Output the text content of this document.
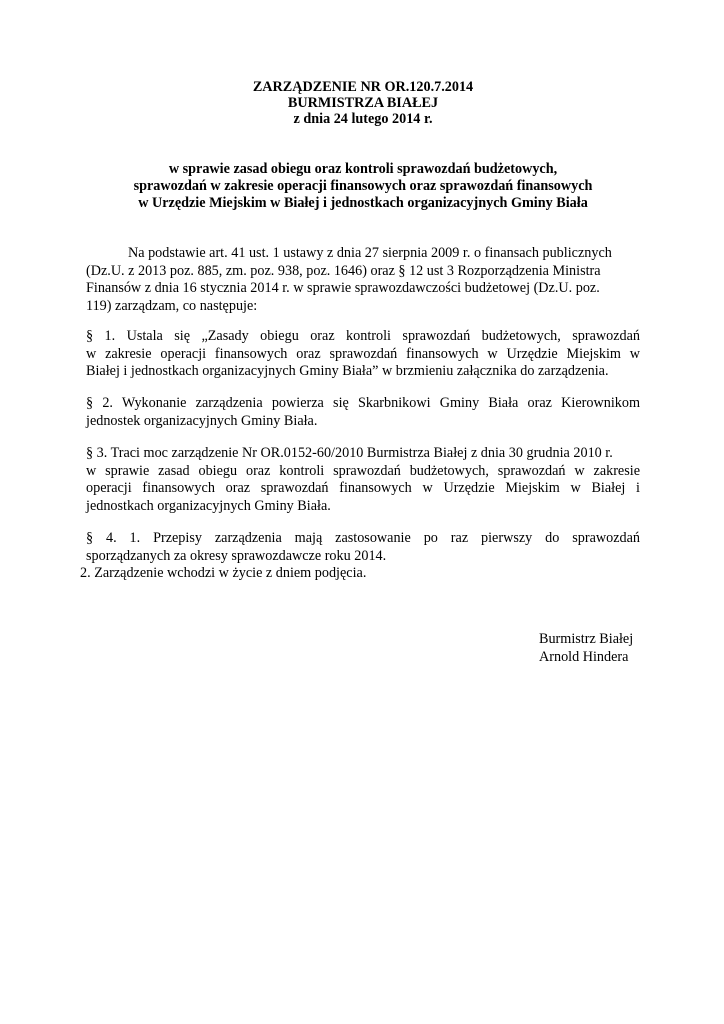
ZARZĄDZENIE NR OR.120.7.2014
BURMISTRZA BIAŁEJ
z dnia 24 lutego 2014 r.
w sprawie zasad obiegu oraz kontroli sprawozdań budżetowych,
sprawozdań w zakresie operacji finansowych oraz sprawozdań finansowych
w Urzędzie Miejskim w Białej i jednostkach organizacyjnych Gminy Biała
Na podstawie art. 41 ust. 1 ustawy z dnia 27 sierpnia 2009 r. o finansach publicznych
(Dz.U. z 2013 poz. 885, zm. poz. 938, poz. 1646) oraz § 12 ust 3 Rozporządzenia Ministra
Finansów z dnia 16 stycznia 2014 r. w sprawie sprawozdawczości budżetowej (Dz.U. poz.
119) zarządzam, co następuje:
§ 1. Ustala się „Zasady obiegu oraz kontroli sprawozdań budżetowych, sprawozdań
w zakresie operacji finansowych oraz sprawozdań finansowych w Urzędzie Miejskim w
Białej i jednostkach organizacyjnych Gminy Biała” w brzmieniu załącznika do zarządzenia.
§ 2. Wykonanie zarządzenia powierza się Skarbnikowi Gminy Biała oraz Kierownikom
jednostek organizacyjnych Gminy Biała.
§ 3. Traci moc zarządzenie Nr OR.0152-60/2010 Burmistrza Białej z dnia 30 grudnia 2010 r.
w sprawie zasad obiegu oraz kontroli sprawozdań budżetowych, sprawozdań w zakresie
operacji finansowych oraz sprawozdań finansowych w Urzędzie Miejskim w Białej i
jednostkach organizacyjnych Gminy Biała.
§ 4. 1. Przepisy zarządzenia mają zastosowanie po raz pierwszy do sprawozdań
sporządzanych za okresy sprawozdawcze roku 2014.
2. Zarządzenie wchodzi w życie z dniem podjęcia.
Burmistrz Białej
Arnold Hindera
